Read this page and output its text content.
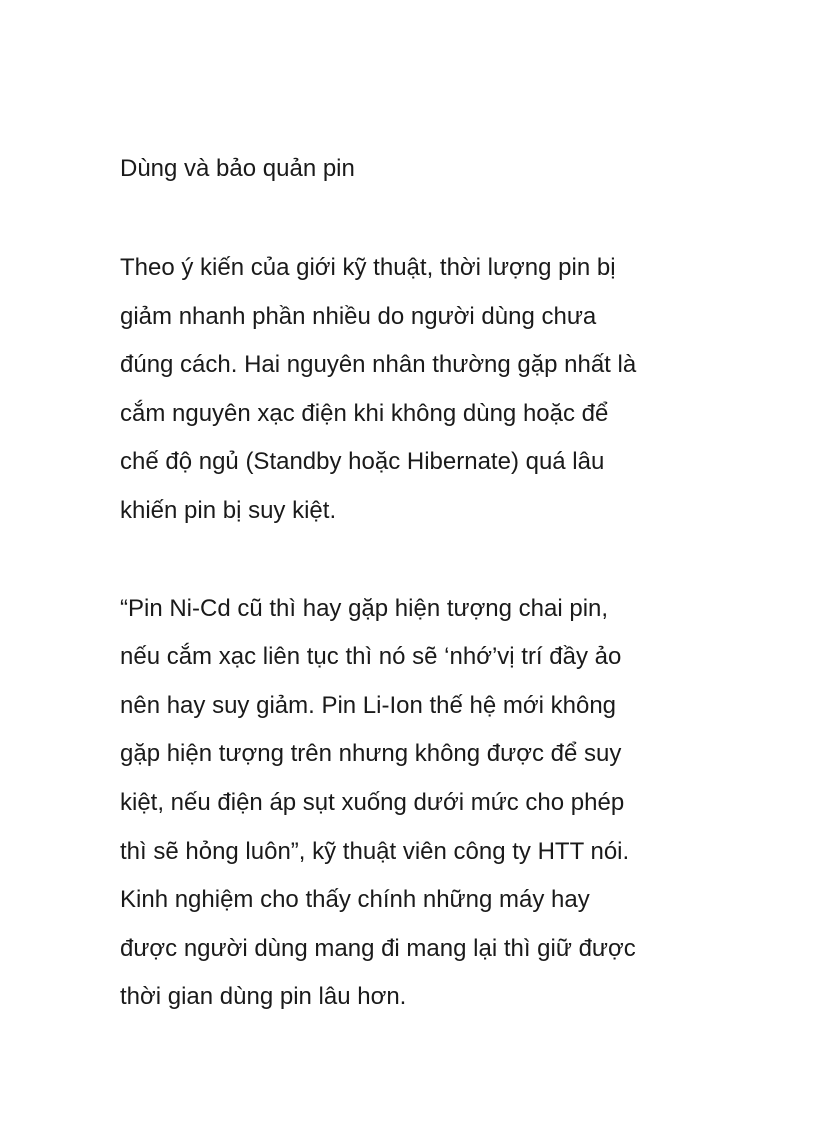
Dùng và bảo quản pin

Theo ý kiến của giới kỹ thuật, thời lượng pin bị
giảm nhanh phần nhiều do người dùng chưa
đúng cách. Hai nguyên nhân thường gặp nhất là
cắm nguyên xạc điện khi không dùng hoặc để
chế độ ngủ (Standby hoặc Hibernate) quá lâu
khiến pin bị suy kiệt.

“Pin Ni-Cd cũ thì hay gặp hiện tượng chai pin,
nếu cắm xạc liên tục thì nó sẽ ‘nhớ’vị trí đầy ảo
nên hay suy giảm. Pin Li-Ion thế hệ mới không
gặp hiện tượng trên nhưng không được để suy
kiệt, nếu điện áp sụt xuống dưới mức cho phép
thì sẽ hỏng luôn”, kỹ thuật viên công ty HTT nói.
Kinh nghiệm cho thấy chính những máy hay
được người dùng mang đi mang lại thì giữ được
thời gian dùng pin lâu hơn.
